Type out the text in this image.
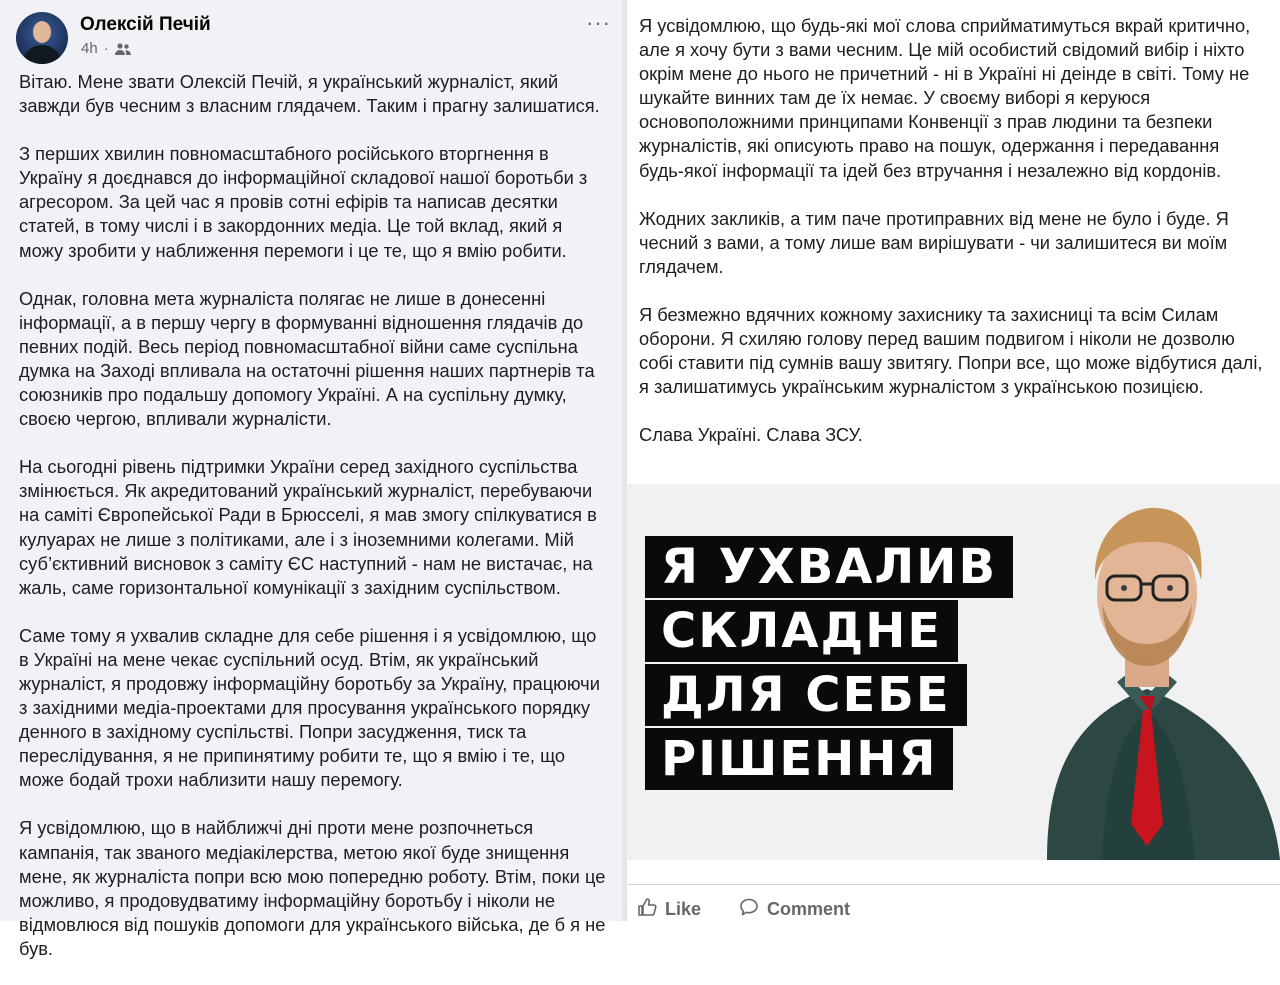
Олексій Печій
4h ·
···

Вітаю. Мене звати Олексій Печій, я український журналіст, який завжди був чесним з власним глядачем. Таким і прагну залишатися.

З перших хвилин повномасштабного російського вторгнення в Україну я доєднався до інформаційної складової нашої боротьби з агресором. За цей час я провів сотні ефірів та написав десятки статей, в тому числі і в закордонних медіа. Це той вклад, який я можу зробити у наближення перемоги і це те, що я вмію робити.

Однак, головна мета журналіста полягає не лише в донесенні інформації, а в першу чергу в формуванні відношення глядачів до певних подій. Весь період повномасштабної війни саме суспільна думка на Заході впливала на остаточні рішення наших партнерів та союзників про подальшу допомогу Україні. А на суспільну думку, своєю чергою, впливали журналісти.

На сьогодні рівень підтримки України серед західного суспільства змінюється. Як акредитований український журналіст, перебуваючи на саміті Європейської Ради в Брюсселі, я мав змогу спілкуватися в кулуарах не лише з політиками, але і з іноземними колегами. Мій суб’єктивний висновок з саміту ЄС наступний - нам не вистачає, на жаль, саме горизонтальної комунікації з західним суспільством.

Саме тому я ухвалив складне для себе рішення і я усвідомлюю, що в Україні на мене чекає суспільний осуд. Втім, як український журналіст, я продовжу інформаційну боротьбу за Україну, працюючи з західними медіа-проектами для просування українського порядку денного в західному суспільстві. Попри засудження, тиск та переслідування, я не припинятиму робити те, що я вмію і те, що може бодай трохи наблизити нашу перемогу.

Я усвідомлюю, що в найближчі дні проти мене розпочнеться кампанія, так званого медіакілерства, метою якої буде знищення мене, як журналіста попри всю мою попередню роботу. Втім, поки це можливо, я продовудватиму інформаційну боротьбу і ніколи не відмовлюся від пошуків допомоги для українського війська, де б я не був.

Я усвідомлюю, що будь-які мої слова сприйматимуться вкрай критично, але я хочу бути з вами чесним. Це мій особистий свідомий вибір і ніхто окрім мене до нього не причетний - ні в Україні ні деінде в світі. Тому не шукайте винних там де їх немає. У своєму виборі я керуюся основоположними принципами Конвенції з прав людини та безпеки журналістів, які описують право на пошук, одержання і передавання будь-якої інформації та ідей без втручання і незалежно від кордонів.

Жодних закликів, а тим паче протиправних від мене не було і буде. Я чесний з вами, а тому лише вам вирішувати - чи залишитеся ви моїм глядачем.

Я безмежно вдячних кожному захиснику та захисниці та всім Силам оборони. Я схиляю голову перед вашим подвигом і ніколи не дозволю собі ставити під сумнів вашу звитягу. Попри все, що може відбутися далі, я залишатимусь українським журналістом з українською позицією.

Слава Україні. Слава ЗСУ.

Я УХВАЛИВ
СКЛАДНЕ
ДЛЯ СЕБЕ
РІШЕННЯ
Like	Comment
